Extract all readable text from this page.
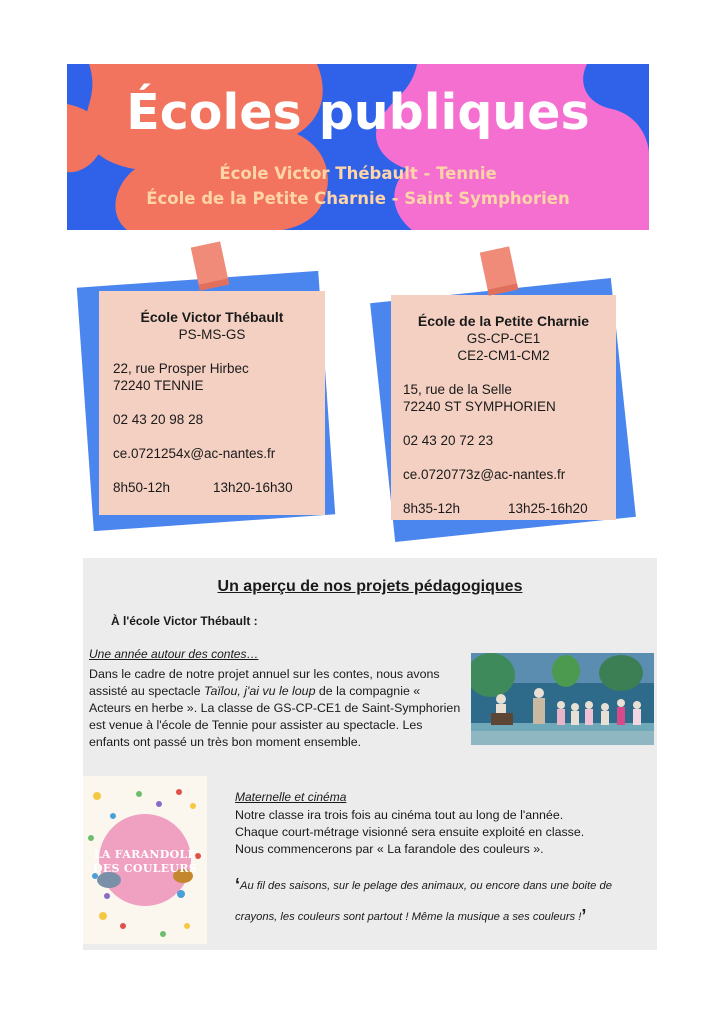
Écoles publiques
École Victor Thébault - Tennie
École de la Petite Charnie - Saint Symphorien
École Victor Thébault
PS-MS-GS
22, rue Prosper Hirbec
72240 TENNIE
02 43 20 98 28
ce.0721254x@ac-nantes.fr
8h50-12h	13h20-16h30
École de la Petite Charnie
GS-CP-CE1
CE2-CM1-CM2
15, rue de la Selle
72240 ST SYMPHORIEN
02 43 20 72 23
ce.0720773z@ac-nantes.fr
8h35-12h	13h25-16h20
Un aperçu de nos projets pédagogiques
À l'école Victor Thébault :
Une année autour des contes…
Dans le cadre de notre projet annuel sur les contes, nous avons assisté au spectacle Taïlou, j'ai vu le loup de la compagnie « Acteurs en herbe ». La classe de GS-CP-CE1 de Saint-Symphorien est venue à l'école de Tennie pour assister au spectacle. Les enfants ont passé un très bon moment ensemble.
LA FARANDOLE
DES COULEURS
Maternelle et cinéma
Notre classe ira trois fois au cinéma tout au long de l'année. Chaque court-métrage visionné sera ensuite exploité en classe. Nous commencerons par « La farandole des couleurs ».
‘Au fil des saisons, sur le pelage des animaux, ou encore dans une boite de crayons, les couleurs sont partout ! Même la musique a ses couleurs !’
